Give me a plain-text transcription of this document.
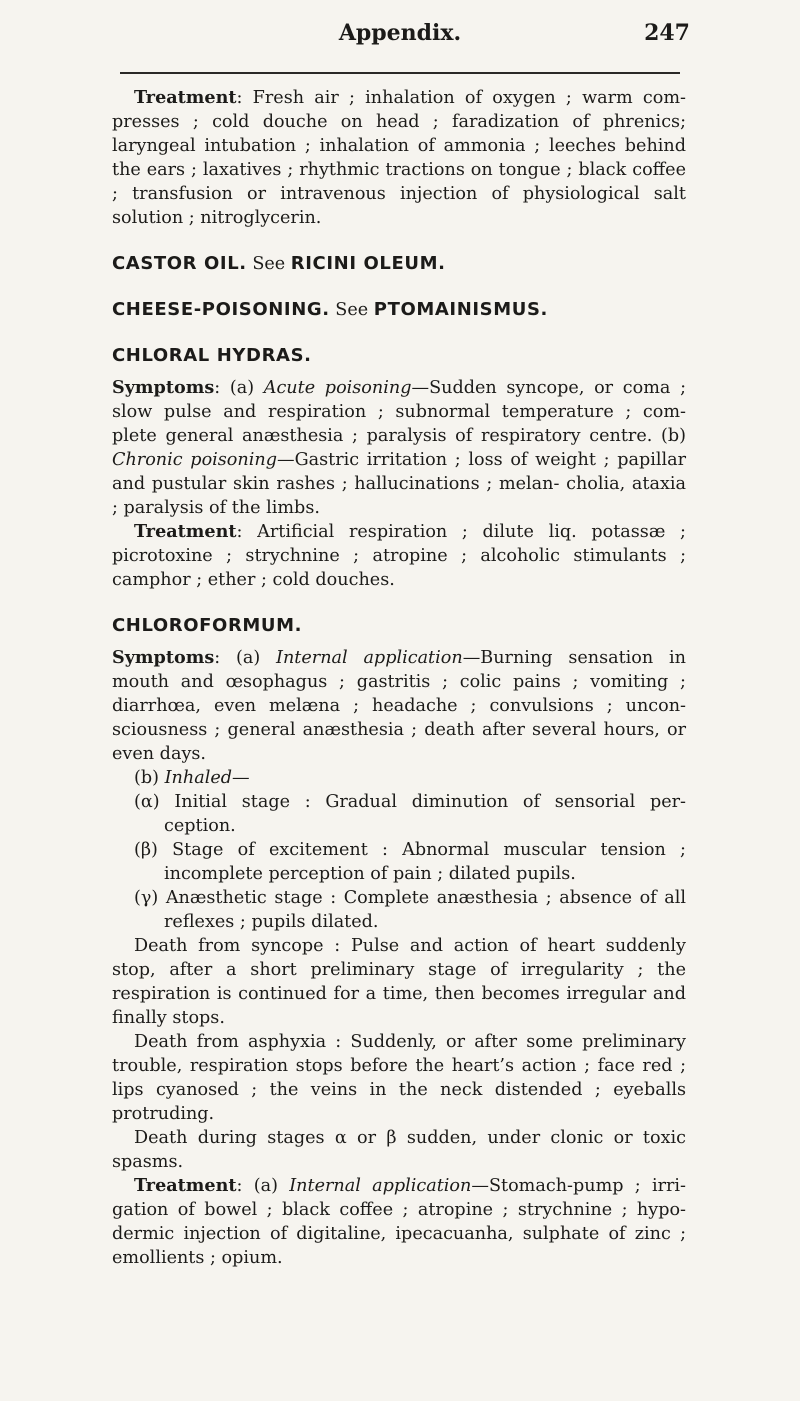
Appendix.	247

Treatment: Fresh air ; inhalation of oxygen ; warm com- presses ; cold douche on head ; faradization of phrenics; laryngeal intubation ; inhalation of ammonia ; leeches behind the ears ; laxatives ; rhythmic tractions on tongue ; black coffee ; transfusion or intravenous injection of physiological salt solution ; nitroglycerin.

CASTOR OIL. See RICINI OLEUM.

CHEESE-POISONING. See PTOMAINISMUS.

CHLORAL HYDRAS.

Symptoms: (a) Acute poisoning—Sudden syncope, or coma ; slow pulse and respiration ; subnormal temperature ; com- plete general anæsthesia ; paralysis of respiratory centre. (b) Chronic poisoning—Gastric irritation ; loss of weight ; papillar and pustular skin rashes ; hallucinations ; melan- cholia, ataxia ; paralysis of the limbs.

Treatment: Artificial respiration ; dilute liq. potassæ ; picrotoxine ; strychnine ; atropine ; alcoholic stimulants ; camphor ; ether ; cold douches.

CHLOROFORMUM.

Symptoms: (a) Internal application—Burning sensation in mouth and œsophagus ; gastritis ; colic pains ; vomiting ; diarrhœa, even melæna ; headache ; convulsions ; uncon- sciousness ; general anæsthesia ; death after several hours, or even days.

(b) Inhaled—

(α) Initial stage : Gradual diminution of sensorial per- ception.

(β) Stage of excitement : Abnormal muscular tension ; incomplete perception of pain ; dilated pupils.

(γ) Anæsthetic stage : Complete anæsthesia ; absence of all reflexes ; pupils dilated.

Death from syncope : Pulse and action of heart suddenly stop, after a short preliminary stage of irregularity ; the respiration is continued for a time, then becomes irregular and finally stops.

Death from asphyxia : Suddenly, or after some preliminary trouble, respiration stops before the heart’s action ; face red ; lips cyanosed ; the veins in the neck distended ; eyeballs protruding.

Death during stages α or β sudden, under clonic or toxic spasms.

Treatment: (a) Internal application—Stomach-pump ; irri- gation of bowel ; black coffee ; atropine ; strychnine ; hypo- dermic injection of digitaline, ipecacuanha, sulphate of zinc ; emollients ; opium.
